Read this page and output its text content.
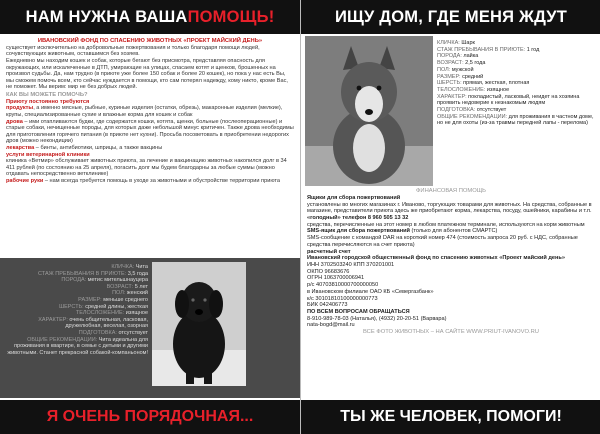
НАМ НУЖНА ВАША ПОМОЩЬ!
ИВАНОВСКИЙ ФОНД ПО СПАСЕНИЮ ЖИВОТНЫХ «ПРОЕКТ МАЙСКИЙ ДЕНЬ»
существует исключительно на добровольные пожертвования и только благодаря помощи людей, сочувствующих животным, оставшимся без хозяев.
Ежедневно мы находим кошек и собак, которые бегают без присмотра, представляя опасность для окружающих, или искалеченные в ДТП, умирающие на улицах, спасаем котят и щенков, брошенных на произвол судьбы. Да, нам трудно (в приюте уже более 150 собак и более 20 кошек), но пока у нас есть Вы, мы сможем помочь всем, кто сейчас нуждается в помощи, кто сам потерял надежду, кому никто, кроме Вас, не поможет. Мы верим: мир не без добрых людей.
КАК ВЫ МОЖЕТЕ ПОМОЧЬ?
Приюту постоянно требуются
продукты, а именно мясные, рыбные, куриные изделия (остатки, обрезь), макаронные изделия (мелкие), крупы, специализированные сухие и влажные корма для кошек и собак
дрова – ими отапливаются будки, где содержатся кошки, котята, щенки, больные (послеоперационные) и старые собаки, нечищенные породы, для которых даже небольшой минус критичен. Также дрова необходимы для приготовления горячего питания (в приюте нет кухни). Просьба посоветовать в приобретении недорогих дров (можно некондиции)
лекарства – бинты, антибиотики, шприцы, а также вакцины
услуги ветеринарной клиники
клиника «Ветмир» обслуживает животных приюта, за лечение и вакцинацию животных накопился долг в 34 411 рублей (по состоянию на 25 апреля), погасить долг мы будем благодарны за любые суммы (можно отдавать непосредственно ветклинике)
рабочие руки – нам всегда требуется помощь в уходе за животными и обустройстве территории приюта
КЛИЧКА: Чита
СТАЖ ПРЕБЫВАНИЯ В ПРИЮТЕ: 3,5 года
ПОРОДА: метис мительшнауцера
ВОЗРАСТ: 5 лет
ПОЛ: женский
РАЗМЕР: меньше среднего
ШЕРСТЬ: средней длины, жесткая
ТЕЛОСЛОЖЕНИЕ: изящное
ХАРАКТЕР: очень общительная, ласковая, дружелюбная, веселая, озорная
ПОДГОТОВКА: отсутствует
ОБЩИЕ РЕКОМЕНДАЦИИ: Чита идеальна для проживания в квартире, в семье с детьми и другими животными. Станет прекрасной собакой-компаньоном!
Я ОЧЕНЬ ПОРЯДОЧНАЯ...
ИЩУ ДОМ, ГДЕ МЕНЯ ЖДУТ
КЛИЧКА: Шарк
СТАЖ ПРЕБЫВАНИЯ В ПРИЮТЕ: 1 год
ПОРОДА: лайка
ВОЗРАСТ: 2,5 года
ПОЛ: мужской
РАЗМЕР: средний
ШЕРСТЬ: прямая, жесткая, плотная
ТЕЛОСЛОЖЕНИЕ: изящное
ХАРАКТЕР: покладистый, ласковый, неидет на хозяина проявить недоверие к незнакомым людям
ПОДГОТОВКА: отсутствует
ОБЩИЕ РЕКОМЕНДАЦИИ: для проживания в частном доме, но не для охоты (из-за травмы передней лапы - перелома)
ФИНАНСОВАЯ ПОМОЩЬ
Ящики для сбора пожертвований
установлены во многих магазинах г. Иваново, торгующих товарами для животных. На средства, собранные в магазине, представители приюта здесь же приобретают корма, лекарства, посуду, ошейники, карабины и т.п.
«голодный» телефон 8 960 505 13 32
средства, перечисленные на этот номер в любом платежном терминале, используются на корм животным
SMS-ящик для сбора пожертвований (только для абонентов СМАРТС)
SMS-сообщение с командой DAR на короткий номер 474 (стоимость запроса 20 руб. с НДС, собранные средства перечисляются на счет приюта)
расчетный счет
Ивановский городской общественный фонд по спасению животных «Проект майский день»
ИНН 3702503240 КПП 370201001
ОКПО 96683676
ОГРН 1063700006941
р/с 40703810000700000050
в Ивановском филиале ОАО КБ «Севергазбанк»
к/с 30101810100000000773
БИК 042406773
ПО ВСЕМ ВОПРОСАМ ОБРАЩАТЬСЯ
8-910-989-78-03 (Наталья), (4932) 20-20-51 (Варвара)
nata-bogd@mail.ru
ВСЕ ФОТО ЖИВОТНЫХ – НА САЙТЕ WWW.PRIUT-IVANOVO.RU
ТЫ ЖЕ ЧЕЛОВЕК, ПОМОГИ!
